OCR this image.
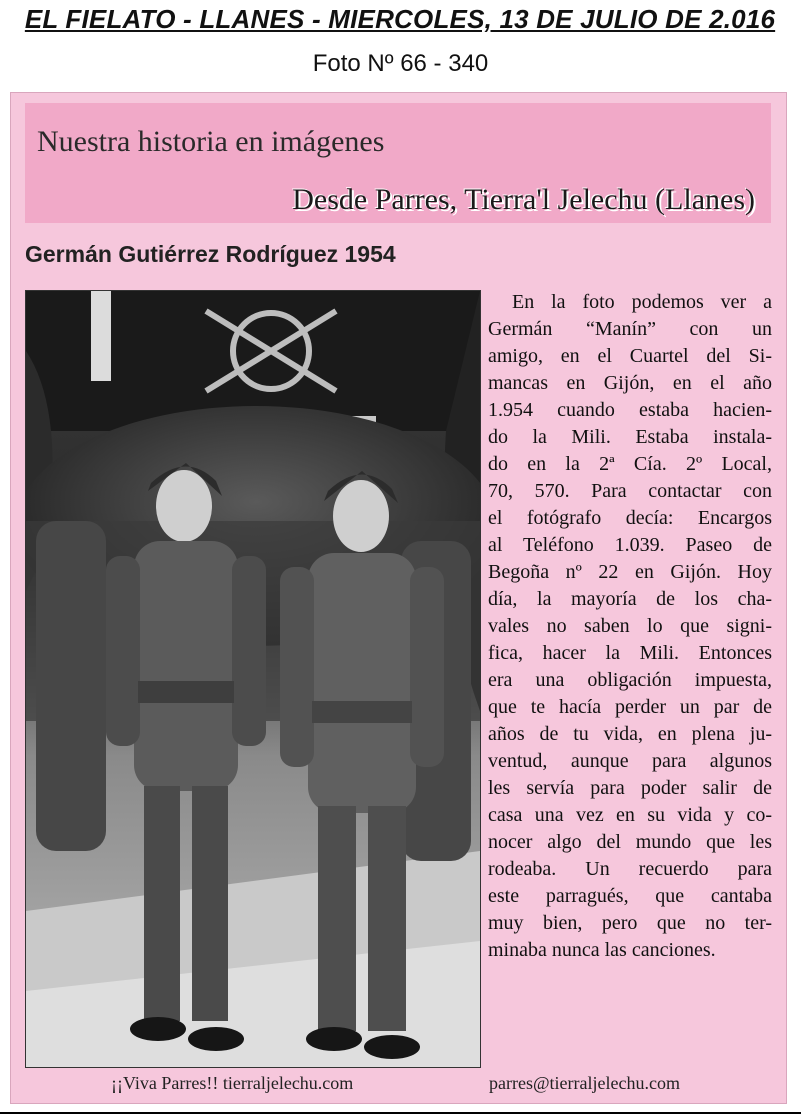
EL FIELATO - LLANES - MIERCOLES, 13 DE JULIO DE 2.016
Foto Nº 66 - 340
Nuestra historia en imágenes
Desde Parres, Tierra'l Jelechu (Llanes)
Germán Gutiérrez Rodríguez 1954
En la foto podemos ver a
Germán “Manín” con un
amigo, en el Cuartel del Si-
mancas en Gijón, en el año
1.954 cuando estaba hacien-
do la Mili. Estaba instala-
do en la 2ª Cía. 2º Local,
70, 570. Para contactar con
el fotógrafo decía: Encargos
al Teléfono 1.039. Paseo de
Begoña nº 22 en Gijón. Hoy
día, la mayoría de los cha-
vales no saben lo que signi-
fica, hacer la Mili. Entonces
era una obligación impuesta,
que te hacía perder un par de
años de tu vida, en plena ju-
ventud, aunque para algunos
les servía para poder salir de
casa una vez en su vida y co-
nocer algo del mundo que les
rodeaba. Un recuerdo para
este parragués, que cantaba
muy bien, pero que no ter-
minaba nunca las canciones.
¡¡Viva Parres!! tierraljelechu.com	parres@tierraljelechu.com
